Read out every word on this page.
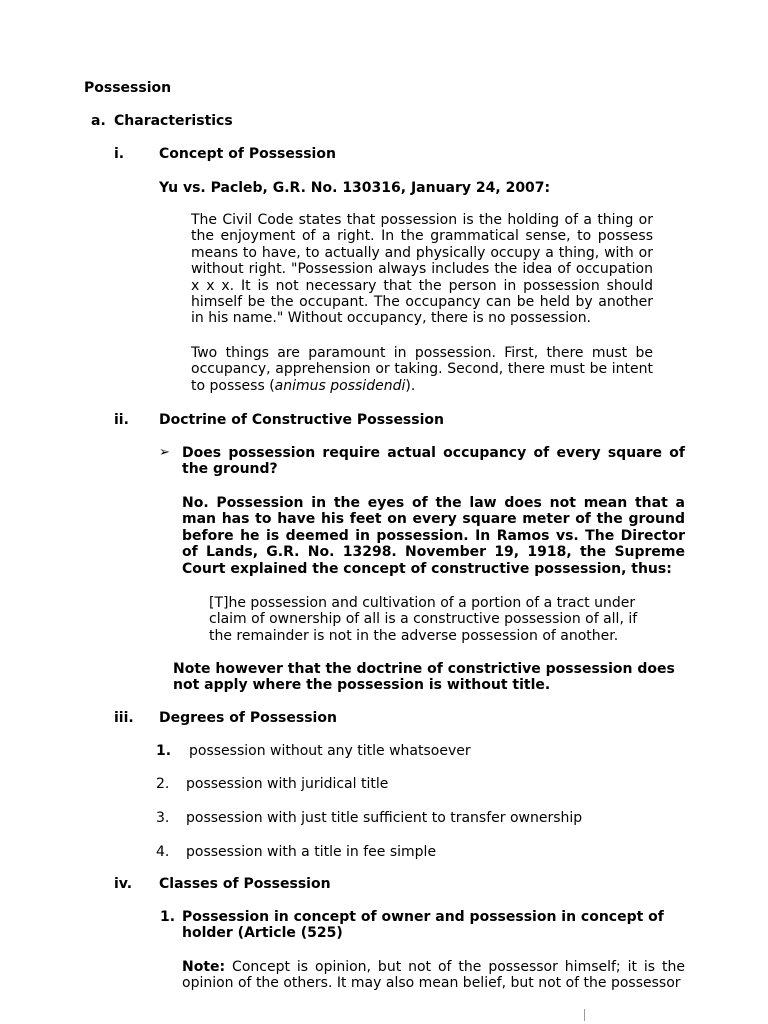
Possession
a. Characteristics
i. Concept of Possession
Yu vs. Pacleb, G.R. No. 130316, January 24, 2007:

The Civil Code states that possession is the holding of a thing or the enjoyment of a right. In the grammatical sense, to possess means to have, to actually and physically occupy a thing, with or without right. "Possession always includes the idea of occupation x x x. It is not necessary that the person in possession should himself be the occupant. The occupancy can be held by another in his name." Without occupancy, there is no possession.

Two things are paramount in possession. First, there must be occupancy, apprehension or taking. Second, there must be intent to possess (animus possidendi).

ii. Doctrine of Constructive Possession
➢ Does possession require actual occupancy of every square of the ground?

No. Possession in the eyes of the law does not mean that a man has to have his feet on every square meter of the ground before he is deemed in possession. In Ramos vs. The Director of Lands, G.R. No. 13298. November 19, 1918, the Supreme Court explained the concept of constructive possession, thus:

[T]he possession and cultivation of a portion of a tract under claim of ownership of all is a constructive possession of all, if the remainder is not in the adverse possession of another.

Note however that the doctrine of constrictive possession does not apply where the possession is without title.

iii. Degrees of Possession
1. possession without any title whatsoever
2. possession with juridical title
3. possession with just title sufficient to transfer ownership
4. possession with a title in fee simple
iv. Classes of Possession
1. Possession in concept of owner and possession in concept of holder (Article (525)

Note: Concept is opinion, but not of the possessor himself; it is the opinion of the others. It may also mean belief, but not of the possessor
